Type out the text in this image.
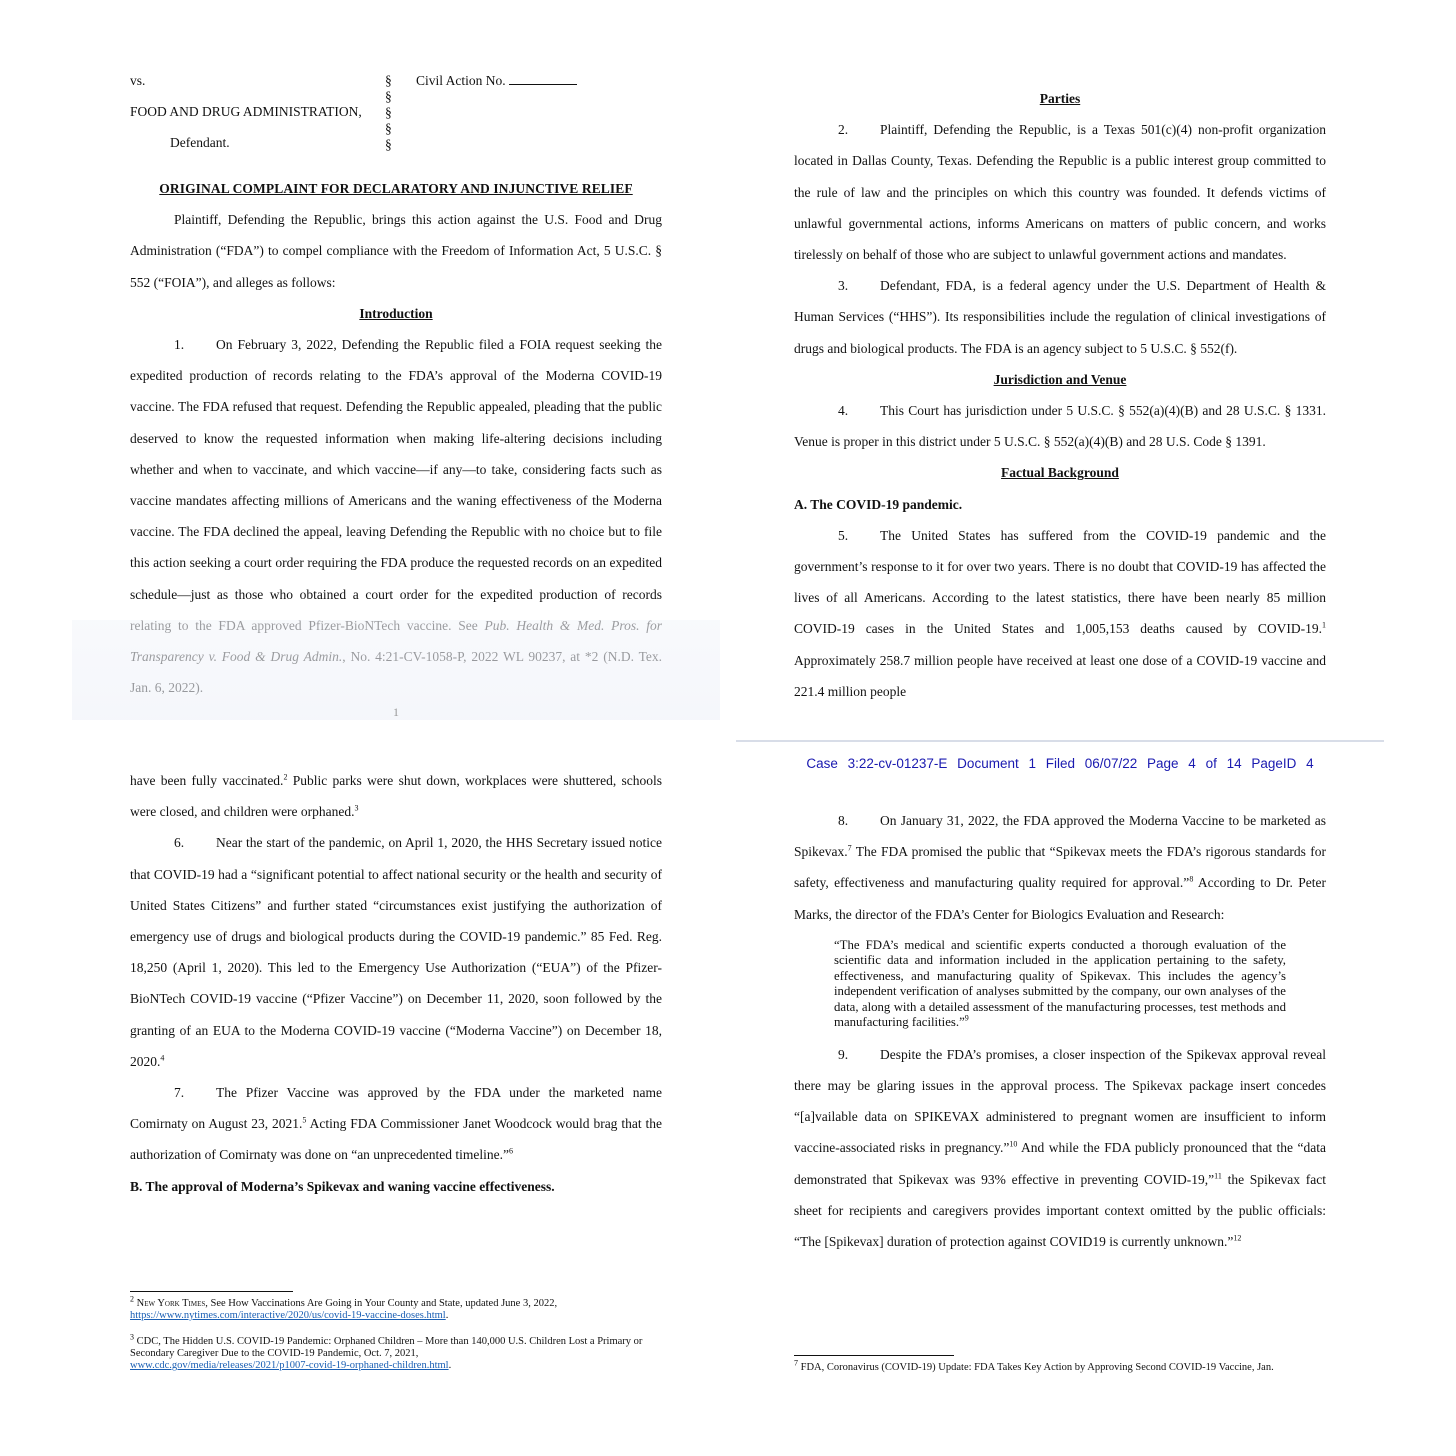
vs.
FOOD AND DRUG ADMINISTRATION,
Defendant.
§
§
§
§
§
Civil Action No.

ORIGINAL COMPLAINT FOR DECLARATORY AND INJUNCTIVE RELIEF

Plaintiff, Defending the Republic, brings this action against the U.S. Food and Drug Administration (“FDA”) to compel compliance with the Freedom of Information Act, 5 U.S.C. § 552 (“FOIA”), and alleges as follows:

Introduction

1. On February 3, 2022, Defending the Republic filed a FOIA request seeking the expedited production of records relating to the FDA’s approval of the Moderna COVID-19 vaccine. The FDA refused that request. Defending the Republic appealed, pleading that the public deserved to know the requested information when making life-altering decisions including whether and when to vaccinate, and which vaccine—if any—to take, considering facts such as vaccine mandates affecting millions of Americans and the waning effectiveness of the Moderna vaccine. The FDA declined the appeal, leaving Defending the Republic with no choice but to file this action seeking a court order requiring the FDA produce the requested records on an expedited schedule—just as those who obtained a court order for the expedited production of records

1

Parties

2. Plaintiff, Defending the Republic, is a Texas 501(c)(4) non-profit organization located in Dallas County, Texas. Defending the Republic is a public interest group committed to the rule of law and the principles on which this country was founded. It defends victims of unlawful governmental actions, informs Americans on matters of public concern, and works tirelessly on behalf of those who are subject to unlawful government actions and mandates.

3. Defendant, FDA, is a federal agency under the U.S. Department of Health & Human Services (“HHS”). Its responsibilities include the regulation of clinical investigations of drugs and biological products. The FDA is an agency subject to 5 U.S.C. § 552(f).

Jurisdiction and Venue

4. This Court has jurisdiction under 5 U.S.C. § 552(a)(4)(B) and 28 U.S.C. § 1331. Venue is proper in this district under 5 U.S.C. § 552(a)(4)(B) and 28 U.S. Code § 1391.

Factual Background

A. The COVID-19 pandemic.

5. The United States has suffered from the COVID-19 pandemic and the government’s response to it for over two years. There is no doubt that COVID-19 has affected the lives of all Americans. According to the latest statistics, there have been nearly 85 million COVID-19 cases in the United States and 1,005,153 deaths caused by COVID-19.$^1$ Approximately 258.7 million people have received at least one dose of a COVID-19 vaccine and 221.4 million people

have been fully vaccinated.$^2$ Public parks were shut down, workplaces were shuttered, schools were closed, and children were orphaned.$^3$

6. Near the start of the pandemic, on April 1, 2020, the HHS Secretary issued notice that COVID-19 had a “significant potential to affect national security or the health and security of United States Citizens” and further stated “circumstances exist justifying the authorization of emergency use of drugs and biological products during the COVID-19 pandemic.” 85 Fed. Reg. 18,250 (April 1, 2020). This led to the Emergency Use Authorization (“EUA”) of the Pfizer-BioNTech COVID-19 vaccine (“Pfizer Vaccine”) on December 11, 2020, soon followed by the granting of an EUA to the Moderna COVID-19 vaccine (“Moderna Vaccine”) on December 18, 2020.$^4$

7. The Pfizer Vaccine was approved by the FDA under the marketed name Comirnaty on August 23, 2021.$^5$ Acting FDA Commissioner Janet Woodcock would brag that the authorization of Comirnaty was done on “an unprecedented timeline.”$^6$

B. The approval of Moderna’s Spikevax and waning vaccine effectiveness.

$^2$ New York Times, See How Vaccinations Are Going in Your County and State, updated June 3, 2022,
https://www.nytimes.com/interactive/2020/us/covid-19-vaccine-doses.html.

$^3$ CDC, The Hidden U.S. COVID-19 Pandemic: Orphaned Children – More than 140,000 U.S. Children Lost a Primary or Secondary Caregiver Due to the COVID-19 Pandemic, Oct. 7, 2021,
www.cdc.gov/media/releases/2021/p1007-covid-19-orphaned-children.html.

Case 3:22-cv-01237-E Document 1 Filed 06/07/22 Page 4 of 14 PageID 4

8. On January 31, 2022, the FDA approved the Moderna Vaccine to be marketed as Spikevax.$^7$ The FDA promised the public that “Spikevax meets the FDA’s rigorous standards for safety, effectiveness and manufacturing quality required for approval.”$^8$ According to Dr. Peter Marks, the director of the FDA’s Center for Biologics Evaluation and Research:

“The FDA’s medical and scientific experts conducted a thorough evaluation of the scientific data and information included in the application pertaining to the safety, effectiveness, and manufacturing quality of Spikevax. This includes the agency’s independent verification of analyses submitted by the company, our own analyses of the data, along with a detailed assessment of the manufacturing processes, test methods and manufacturing facilities.”$^9$

9. Despite the FDA’s promises, a closer inspection of the Spikevax approval reveal there may be glaring issues in the approval process. The Spikevax package insert concedes “[a]vailable data on SPIKEVAX administered to pregnant women are insufficient to inform vaccine-associated risks in pregnancy.”$^{10}$ And while the FDA publicly pronounced that the “data demonstrated that Spikevax was 93% effective in preventing COVID-19,”$^{11}$ the Spikevax fact sheet for recipients and caregivers provides important context omitted by the public officials: “The [Spikevax] duration of protection against COVID19 is currently unknown.”$^{12}$

$^7$ FDA, Coronavirus (COVID-19) Update: FDA Takes Key Action by Approving Second COVID-19 Vaccine, Jan.
